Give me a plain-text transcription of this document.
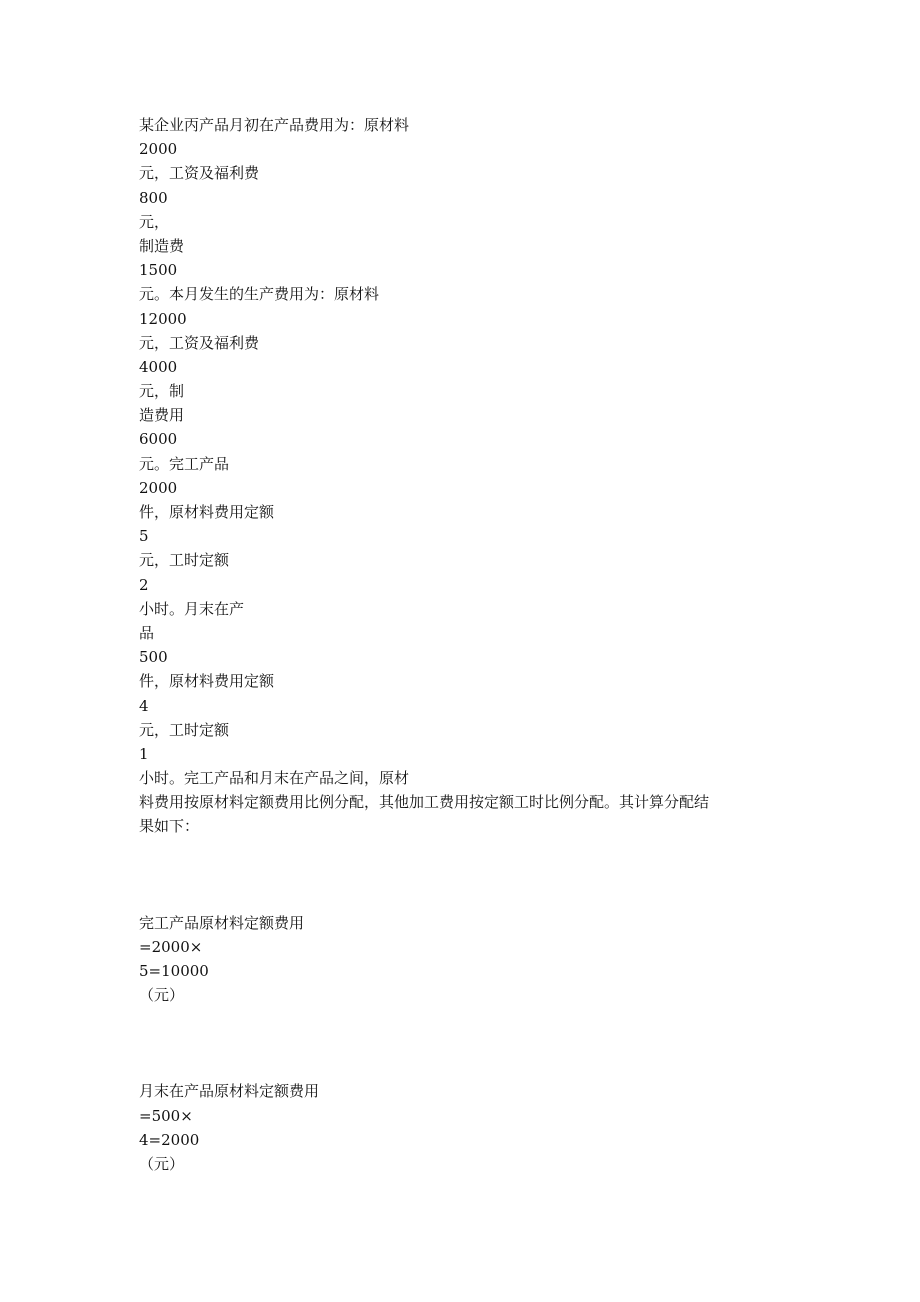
某企业丙产品月初在产品费用为：原材料
2000
元，工资及福利费
800
元，
制造费
1500
元。本月发生的生产费用为：原材料
12000
元，工资及福利费
4000
元，制
造费用
6000
元。完工产品
2000
件，原材料费用定额
5
元，工时定额
2
小时。月末在产
品
500
件，原材料费用定额
4
元，工时定额
1
小时。完工产品和月末在产品之间，原材
料费用按原材料定额费用比例分配，其他加工费用按定额工时比例分配。其计算分配结
果如下：
完工产品原材料定额费用
=2000×
5=10000
（元）
月末在产品原材料定额费用
=500×
4=2000
（元）
